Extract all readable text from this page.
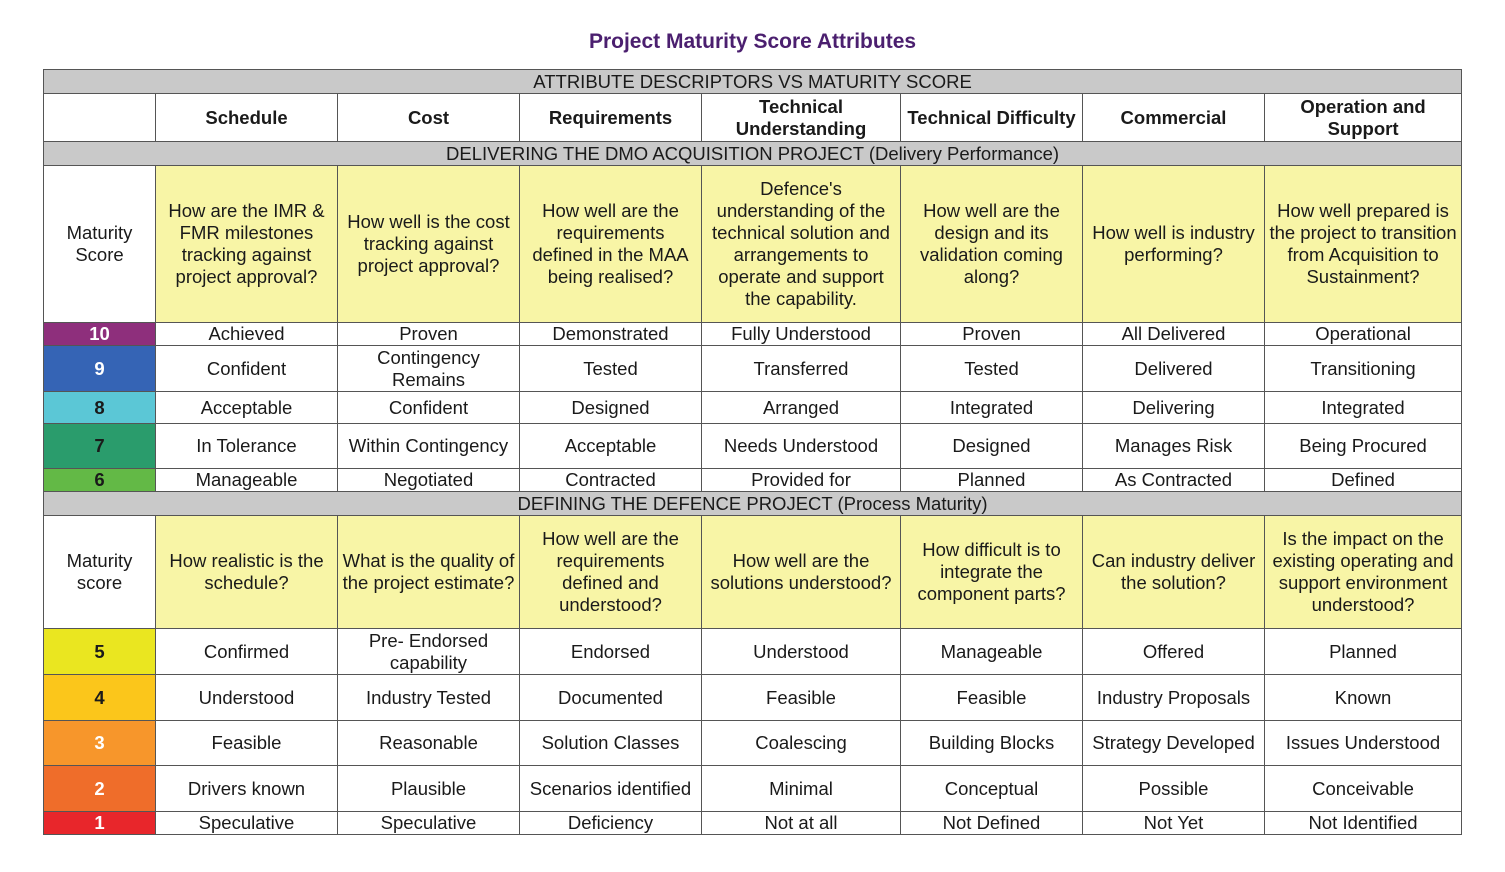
Project Maturity Score Attributes
ATTRIBUTE DESCRIPTORS VS MATURITY SCORE							
	Schedule	Cost	Requirements	Technical Understanding	Technical Difficulty	Commercial	Operation and Support
DELIVERING THE DMO ACQUISITION PROJECT (Delivery Performance)							
Maturity Score	How are the IMR & FMR milestones tracking against project approval?	How well is the cost tracking against project approval?	How well are the requirements defined in the MAA being realised?	Defence's understanding of the technical solution and arrangements to operate and support the capability.	How well are the design and its validation coming along?	How well is industry performing?	How well prepared is the project to transition from Acquisition to Sustainment?
10	Achieved	Proven	Demonstrated	Fully Understood	Proven	All Delivered	Operational
9	Confident	Contingency Remains	Tested	Transferred	Tested	Delivered	Transitioning
8	Acceptable	Confident	Designed	Arranged	Integrated	Delivering	Integrated
7	In Tolerance	Within Contingency	Acceptable	Needs Understood	Designed	Manages Risk	Being Procured
6	Manageable	Negotiated	Contracted	Provided for	Planned	As Contracted	Defined
DEFINING THE DEFENCE PROJECT (Process Maturity)							
Maturity score	How realistic is the schedule?	What is the quality of the project estimate?	How well are the requirements defined and understood?	How well are the solutions understood?	How difficult is to integrate the component parts?	Can industry deliver the solution?	Is the impact on the existing operating and support environment understood?
5	Confirmed	Pre- Endorsed capability	Endorsed	Understood	Manageable	Offered	Planned
4	Understood	Industry Tested	Documented	Feasible	Feasible	Industry Proposals	Known
3	Feasible	Reasonable	Solution Classes	Coalescing	Building Blocks	Strategy Developed	Issues Understood
2	Drivers known	Plausible	Scenarios identified	Minimal	Conceptual	Possible	Conceivable
1	Speculative	Speculative	Deficiency	Not at all	Not Defined	Not Yet	Not Identified
